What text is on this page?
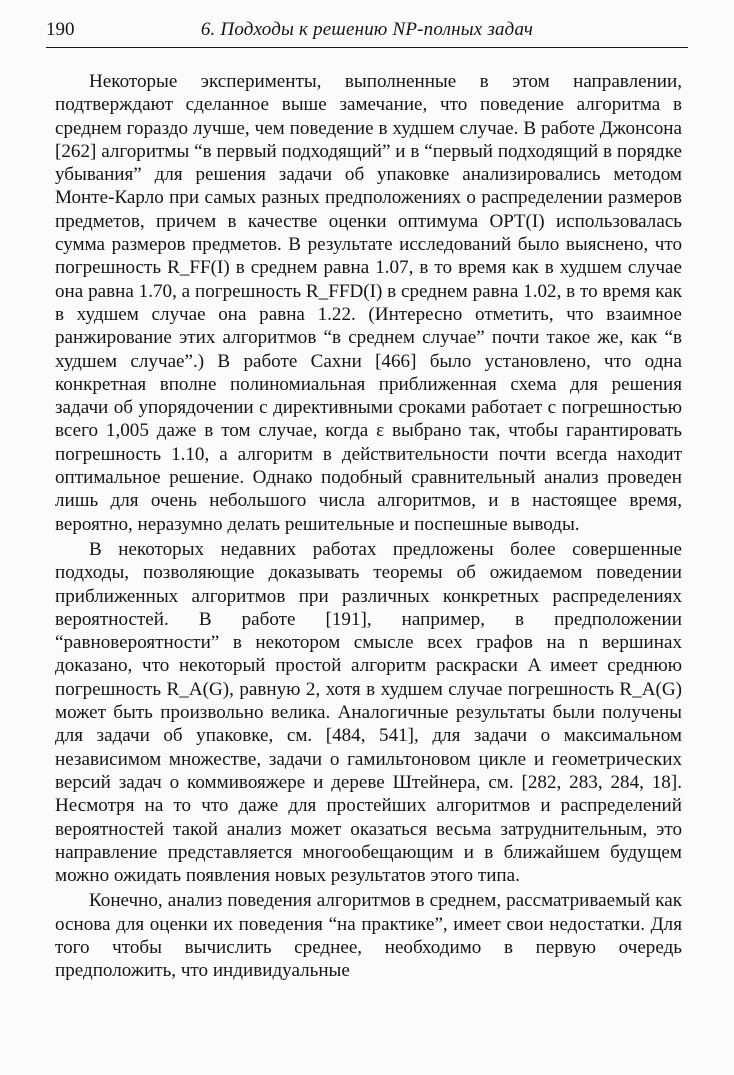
190	6. Подходы к решению NP-полных задач

Некоторые эксперименты, выполненные в этом направлении, подтверждают сделанное выше замечание, что поведение алгоритма в среднем гораздо лучше, чем поведение в худшем случае. В работе Джонсона [262] алгоритмы “в первый подходящий” и в “первый подходящий в порядке убывания” для решения задачи об упаковке анализировались методом Монте-Карло при самых разных предположениях о распределении размеров предметов, причем в качестве оценки оптимума OPT(I) использовалась сумма размеров предметов. В результате исследований было выяснено, что погрешность R_FF(I) в среднем равна 1.07, в то время как в худшем случае она равна 1.70, а погрешность R_FFD(I) в среднем равна 1.02, в то время как в худшем случае она равна 1.22. (Интересно отметить, что взаимное ранжирование этих алгоритмов “в среднем случае” почти такое же, как “в худшем случае”.) В работе Сахни [466] было установлено, что одна конкретная вполне полиномиальная приближенная схема для решения задачи об упорядочении с директивными сроками работает с погрешностью всего 1,005 даже в том случае, когда ε выбрано так, чтобы гарантировать погрешность 1.10, а алгоритм в действительности почти всегда находит оптимальное решение. Однако подобный сравнительный анализ проведен лишь для очень небольшого числа алгоритмов, и в настоящее время, вероятно, неразумно делать решительные и поспешные выводы.

В некоторых недавних работах предложены более совершенные подходы, позволяющие доказывать теоремы об ожидаемом поведении приближенных алгоритмов при различных конкретных распределениях вероятностей. В работе [191], например, в предположении “равновероятности” в некотором смысле всех графов на n вершинах доказано, что некоторый простой алгоритм раскраски A имеет среднюю погрешность R_A(G), равную 2, хотя в худшем случае погрешность R_A(G) может быть произвольно велика. Аналогичные результаты были получены для задачи об упаковке, см. [484, 541], для задачи о максимальном независимом множестве, задачи о гамильтоновом цикле и геометрических версий задач о коммивояжере и дереве Штейнера, см. [282, 283, 284, 18]. Несмотря на то что даже для простейших алгоритмов и распределений вероятностей такой анализ может оказаться весьма затруднительным, это направление представляется многообещающим и в ближайшем будущем можно ожидать появления новых результатов этого типа.

Конечно, анализ поведения алгоритмов в среднем, рассматриваемый как основа для оценки их поведения “на практике”, имеет свои недостатки. Для того чтобы вычислить среднее, необходимо в первую очередь предположить, что индивидуальные
